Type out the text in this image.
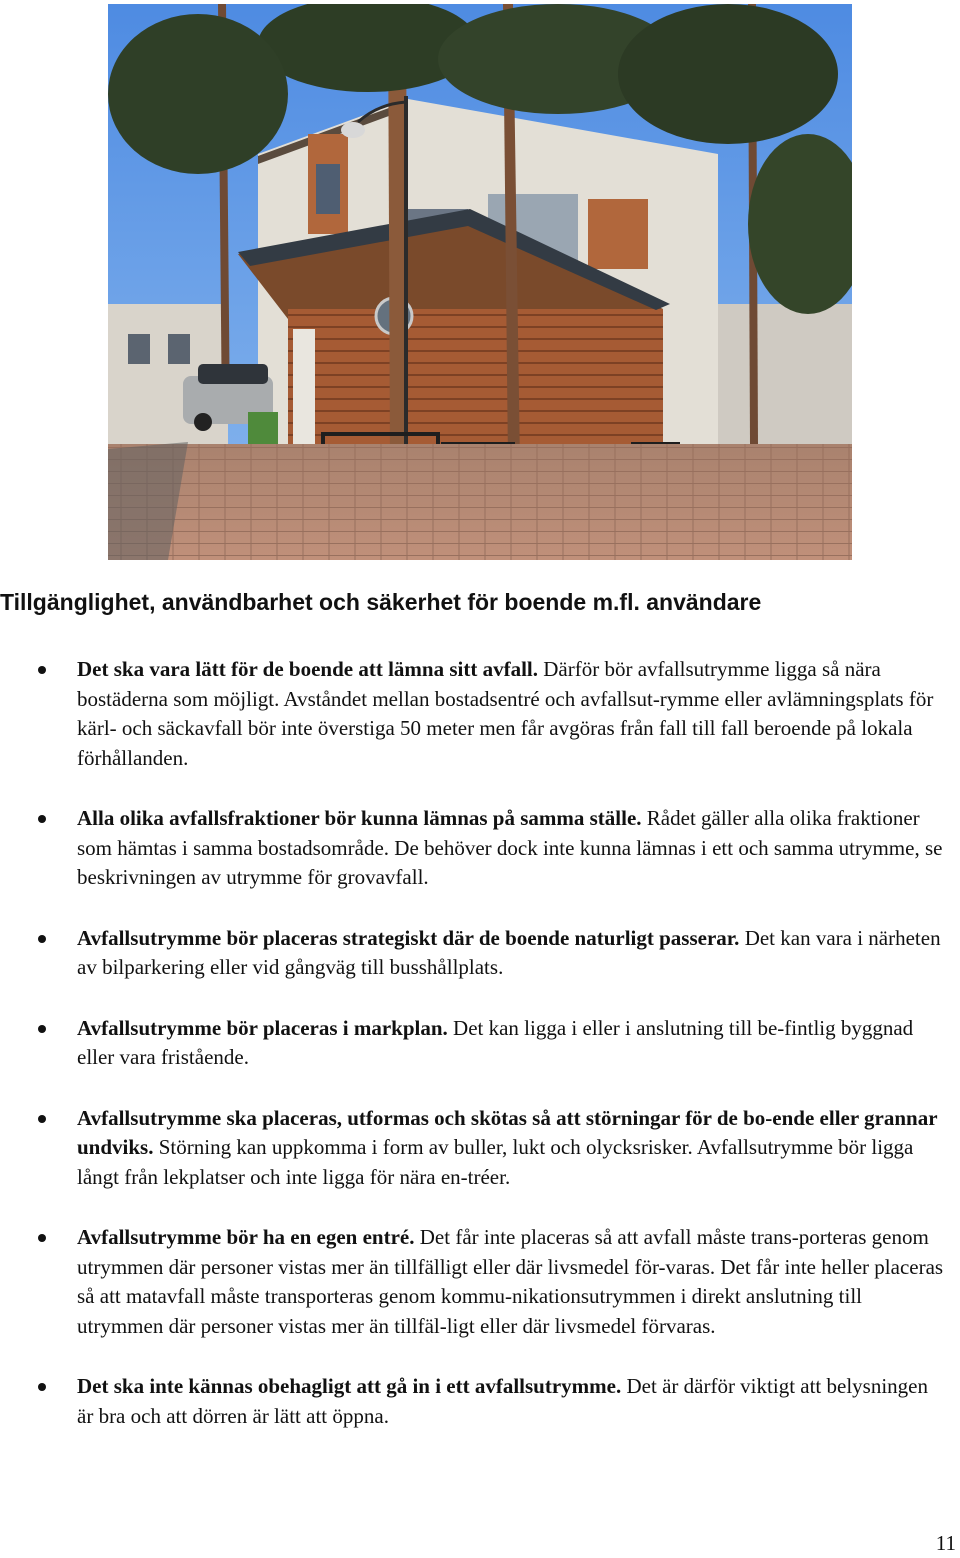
Tillgänglighet, användbarhet och säkerhet för boende m.fl. användare
Det ska vara lätt för de boende att lämna sitt avfall. Därför bör avfallsutrymme ligga så nära bostäderna som möjligt. Avståndet mellan bostadsentré och avfallsut-rymme eller avlämningsplats för kärl- och säckavfall bör inte överstiga 50 meter men får avgöras från fall till fall beroende på lokala förhållanden.
Alla olika avfallsfraktioner bör kunna lämnas på samma ställe. Rådet gäller alla olika fraktioner som hämtas i samma bostadsområde. De behöver dock inte kunna lämnas i ett och samma utrymme, se beskrivningen av utrymme för grovavfall.
Avfallsutrymme bör placeras strategiskt där de boende naturligt passerar. Det kan vara i närheten av bilparkering eller vid gångväg till busshållplats.
Avfallsutrymme bör placeras i markplan. Det kan ligga i eller i anslutning till be-fintlig byggnad eller vara fristående.
Avfallsutrymme ska placeras, utformas och skötas så att störningar för de bo-ende eller grannar undviks. Störning kan uppkomma i form av buller, lukt och olycksrisker. Avfallsutrymme bör ligga långt från lekplatser och inte ligga för nära en-tréer.
Avfallsutrymme bör ha en egen entré. Det får inte placeras så att avfall måste trans-porteras genom utrymmen där personer vistas mer än tillfälligt eller där livsmedel för-varas. Det får inte heller placeras så att matavfall måste transporteras genom kommu-nikationsutrymmen i direkt anslutning till utrymmen där personer vistas mer än tillfäl-ligt eller där livsmedel förvaras.
Det ska inte kännas obehagligt att gå in i ett avfallsutrymme. Det är därför viktigt att belysningen är bra och att dörren är lätt att öppna.
11
